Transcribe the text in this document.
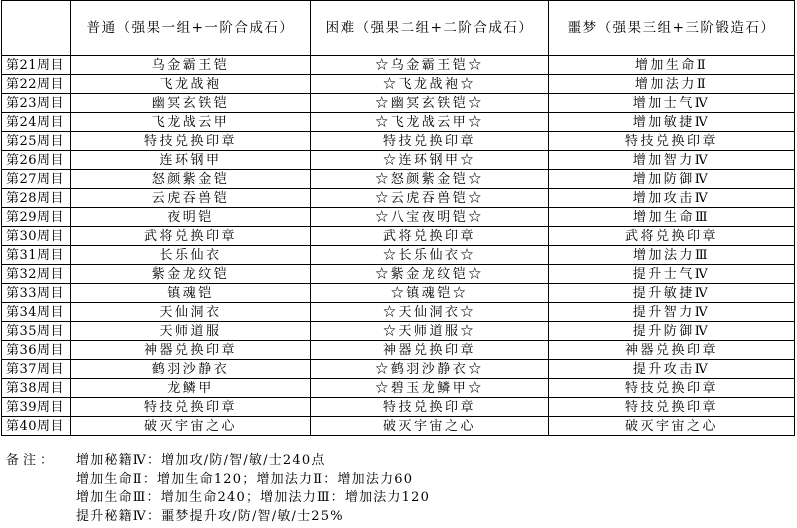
	普通（强果一组+一阶合成石）	困难（强果二组+二阶合成石）	噩梦（强果三组+三阶锻造石）
第21周目	乌金霸王铠	☆乌金霸王铠☆	增加生命Ⅱ
第22周目	飞龙战袍	☆飞龙战袍☆	增加法力Ⅱ
第23周目	幽冥玄铁铠	☆幽冥玄铁铠☆	增加士气Ⅳ
第24周目	飞龙战云甲	☆飞龙战云甲☆	增加敏捷Ⅳ
第25周目	特技兑换印章	特技兑换印章	特技兑换印章
第26周目	连环钢甲	☆连环钢甲☆	增加智力Ⅳ
第27周目	怒颜紫金铠	☆怒颜紫金铠☆	增加防御Ⅳ
第28周目	云虎吞兽铠	☆云虎吞兽铠☆	增加攻击Ⅳ
第29周目	夜明铠	☆八宝夜明铠☆	增加生命Ⅲ
第30周目	武将兑换印章	武将兑换印章	武将兑换印章
第31周目	长乐仙衣	☆长乐仙衣☆	增加法力Ⅲ
第32周目	紫金龙纹铠	☆紫金龙纹铠☆	提升士气Ⅳ
第33周目	镇魂铠	☆镇魂铠☆	提升敏捷Ⅳ
第34周目	天仙洞衣	☆天仙洞衣☆	提升智力Ⅳ
第35周目	天师道服	☆天师道服☆	提升防御Ⅳ
第36周目	神器兑换印章	神器兑换印章	神器兑换印章
第37周目	鹤羽沙静衣	☆鹤羽沙静衣☆	提升攻击Ⅳ
第38周目	龙鳞甲	☆碧玉龙鳞甲☆	特技兑换印章
第39周目	特技兑换印章	特技兑换印章	特技兑换印章
第40周目	破灭宇宙之心	破灭宇宙之心	破灭宇宙之心
备注：	增加秘籍Ⅳ：增加攻/防/智/敏/士240点
增加生命Ⅱ：增加生命120；增加法力Ⅱ：增加法力60
增加生命Ⅲ：增加生命240；增加法力Ⅲ：增加法力120
提升秘籍Ⅳ：噩梦提升攻/防/智/敏/士25%
